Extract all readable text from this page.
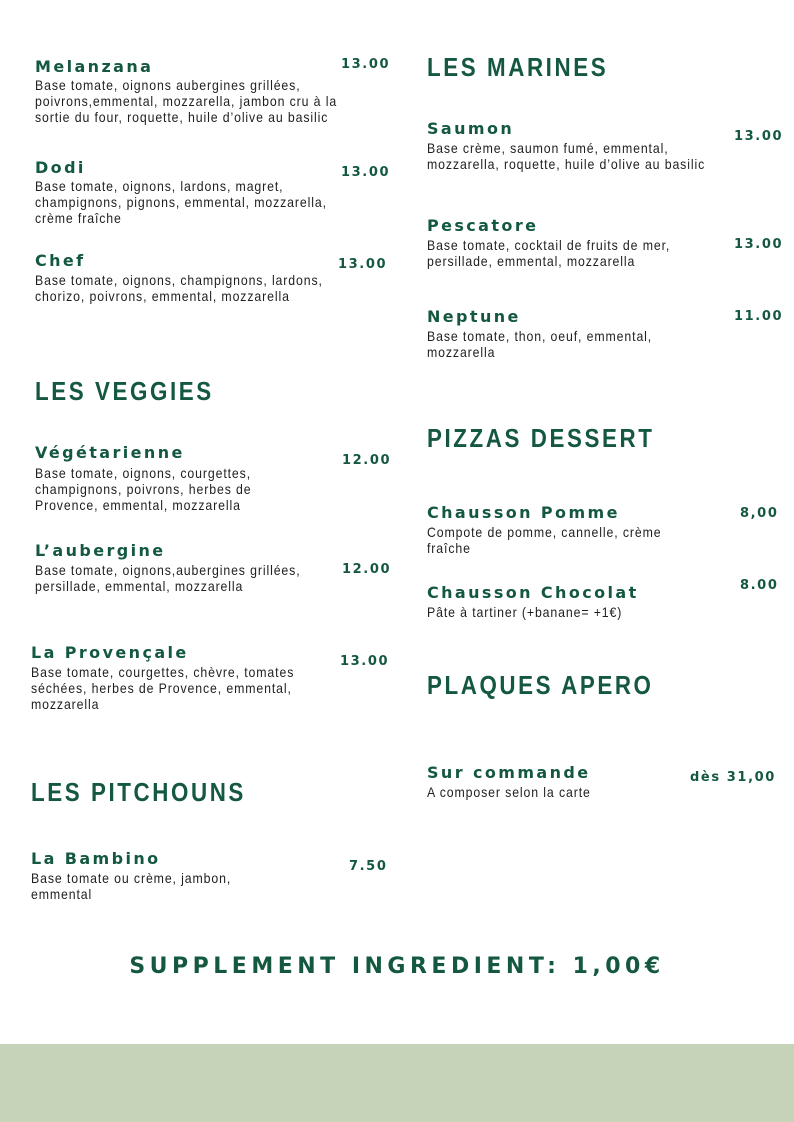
Melanzana	13.00

Base tomate, oignons aubergines grillées, poivrons,emmental, mozzarella, jambon cru à la sortie du four, roquette, huile d’olive au basilic

Dodi	13.00

Base tomate, oignons, lardons, magret, champignons, pignons, emmental, mozzarella, crème fraîche

Chef	13.00

Base tomate, oignons, champignons, lardons, chorizo, poivrons, emmental, mozzarella

LES VEGGIES

Végétarienne	12.00

Base tomate, oignons, courgettes, champignons, poivrons, herbes de Provence, emmental, mozzarella

L’aubergine

12.00

Base tomate, oignons,aubergines grillées, persillade, emmental, mozzarella

La Provençale	13.00

Base tomate, courgettes, chèvre, tomates séchées, herbes de Provence, emmental, mozzarella

LES PITCHOUNS

La Bambino	7.50

Base tomate ou crème, jambon, emmental

LES MARINES

Saumon	13.00

Base crème, saumon fumé, emmental, mozzarella, roquette, huile d’olive au basilic

Pescatore

13.00

Base tomate, cocktail de fruits de mer, persillade, emmental, mozzarella

Neptune	11.00

Base tomate, thon, oeuf, emmental, mozzarella

PIZZAS DESSERT

Chausson Pomme	8,00

Compote de pomme, cannelle, crème fraîche

Chausson Chocolat	8.00

Pâte à tartiner (+banane= +1€)

PLAQUES APERO

Sur commande	dès 31,00

A composer selon la carte

SUPPLEMENT INGREDIENT: 1,00€
